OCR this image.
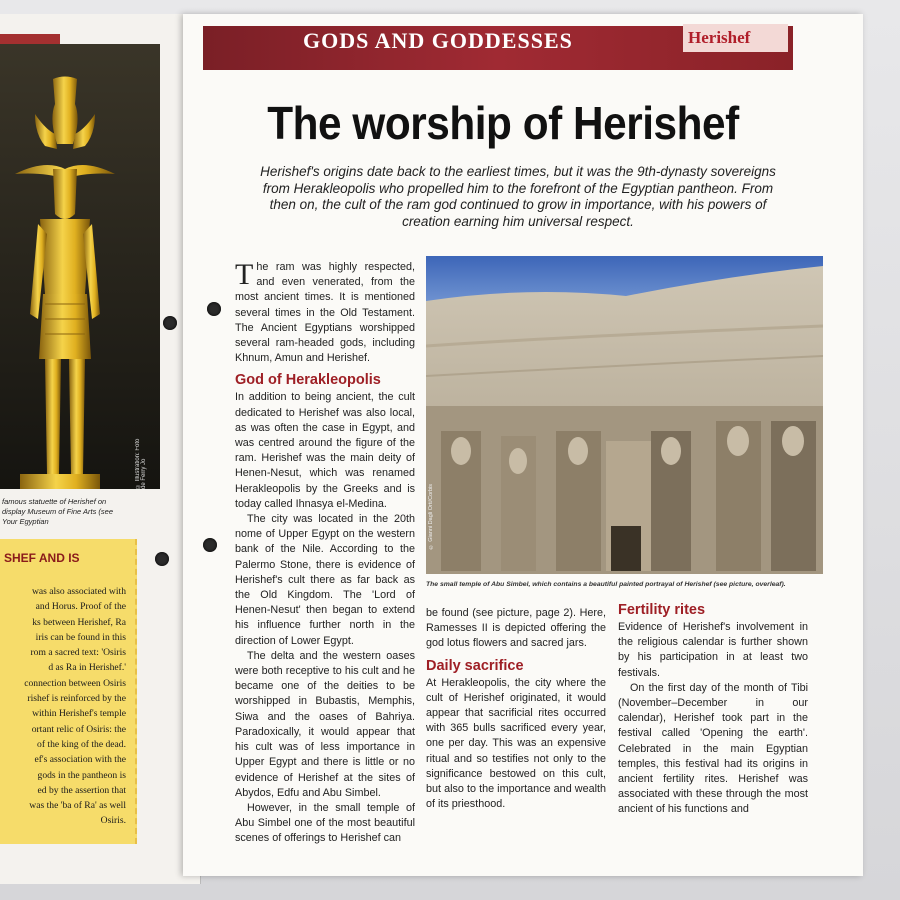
© Illustration: Foto de Ferry Jo
famous statuette of Herishef on display Museum of Fine Arts (see Your Egyptian
SHEF AND IS
was also associated with
and Horus. Proof of the
ks between Herishef, Ra
iris can be found in this
rom a sacred text: 'Osiris
d as Ra in Herishef.'
connection between Osiris
rishef is reinforced by the
within Herishef's temple
ortant relic of Osiris: the
of the king of the dead.
ef's association with the
gods in the pantheon is
ed by the assertion that
was the 'ba of Ra' as well
Osiris.
GODS AND GODDESSES	Herishef
The worship of Herishef
Herishef's origins date back to the earliest times, but it was the 9th-dynasty sovereigns from Herakleopolis who propelled him to the forefront of the Egyptian pantheon. From then on, the cult of the ram god continued to grow in importance, with his powers of creation earning him universal respect.

The ram was highly respected, and even venerated, from the most ancient times. It is mentioned several times in the Old Testament. The Ancient Egyptians worshipped several ram-headed gods, including Khnum, Amun and Herishef.

God of Herakleopolis

In addition to being ancient, the cult dedicated to Herishef was also local, as was often the case in Egypt, and was centred around the figure of the ram. Herishef was the main deity of Henen-Nesut, which was renamed Herakleopolis by the Greeks and is today called Ihnasya el-Medina.

The city was located in the 20th nome of Upper Egypt on the western bank of the Nile. According to the Palermo Stone, there is evidence of Herishef's cult there as far back as the Old Kingdom. The 'Lord of Henen-Nesut' then began to extend his influence further north in the direction of Lower Egypt.

The delta and the western oases were both receptive to his cult and he became one of the deities to be worshipped in Bubastis, Memphis, Siwa and the oases of Bahriya. Paradoxically, it would appear that his cult was of less importance in Upper Egypt and there is little or no evidence of Herishef at the sites of Abydos, Edfu and Abu Simbel.

However, in the small temple of Abu Simbel one of the most beautiful scenes of offerings to Herishef can

© Gianni Dagli Orti/Corbis
The small temple of Abu Simbel, which contains a beautiful painted portrayal of Herishef (see picture, overleaf).

be found (see picture, page 2). Here, Ramesses II is depicted offering the god lotus flowers and sacred jars.

Daily sacrifice

At Herakleopolis, the city where the cult of Herishef originated, it would appear that sacrificial rites occurred with 365 bulls sacrificed every year, one per day. This was an expensive ritual and so testifies not only to the significance bestowed on this cult, but also to the importance and wealth of its priesthood.

Fertility rites

Evidence of Herishef's involvement in the religious calendar is further shown by his participation in at least two festivals.

On the first day of the month of Tibi (November–December in our calendar), Herishef took part in the festival called 'Opening the earth'. Celebrated in the main Egyptian temples, this festival had its origins in ancient fertility rites. Herishef was associated with these through the most ancient of his functions and
